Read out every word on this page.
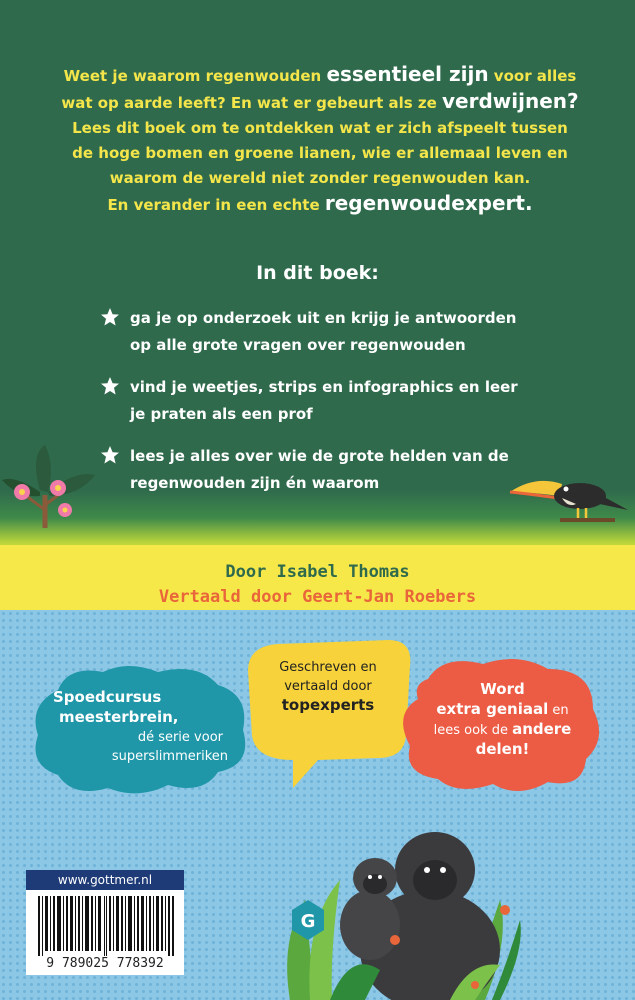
Weet je waarom regenwouden essentieel zijn voor alles

wat op aarde leeft? En wat er gebeurt als ze verdwijnen?

Lees dit boek om te ontdekken wat er zich afspeelt tussen

de hoge bomen en groene lianen, wie er allemaal leven en

waarom de wereld niet zonder regenwouden kan.

En verander in een echte regenwoudexpert.

In dit boek:
ga je op onderzoek uit en krijg je antwoorden
op alle grote vragen over regenwouden
vind je weetjes, strips en infographics en leer
je praten als een prof
lees je alles over wie de grote helden van de
regenwouden zijn én waarom
Door Isabel Thomas
Vertaald door Geert-Jan Roebers
Spoedcursus
meesterbrein,
dé serie voor
superslimmeriken
Geschreven en
vertaald door
topexperts
Word
extra geniaal en
lees ook de andere
delen!
G
www.gottmer.nl
9 789025 778392
